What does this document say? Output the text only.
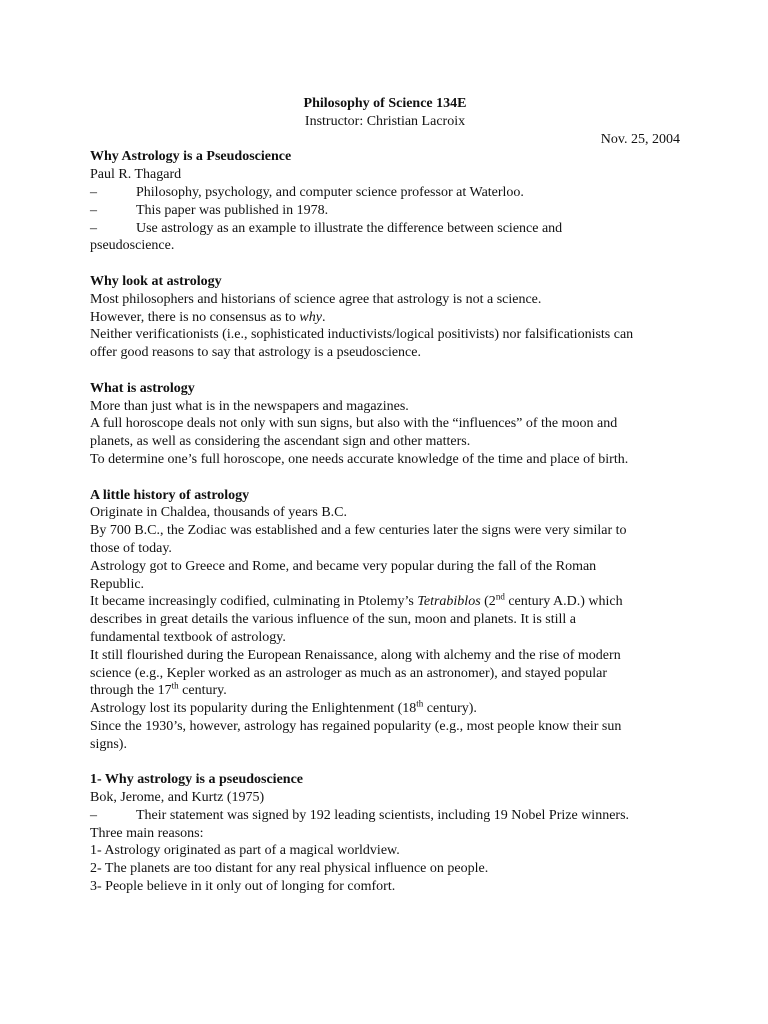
Philosophy of Science 134E

Instructor: Christian Lacroix

Nov. 25, 2004

Why Astrology is a Pseudoscience

Paul R. Thagard

–	Philosophy, psychology, and computer science professor at Waterloo.
–	This paper was published in 1978.
–	Use astrology as an example to illustrate the difference between science and

pseudoscience.

Why look at astrology

Most philosophers and historians of science agree that astrology is not a science.

However, there is no consensus as to why.

Neither verificationists (i.e., sophisticated inductivists/logical positivists) nor falsificationists can

offer good reasons to say that astrology is a pseudoscience.

What is astrology

More than just what is in the newspapers and magazines.

A full horoscope deals not only with sun signs, but also with the “influences” of the moon and

planets, as well as considering the ascendant sign and other matters.

To determine one’s full horoscope, one needs accurate knowledge of the time and place of birth.

A little history of astrology

Originate in Chaldea, thousands of years B.C.

By 700 B.C., the Zodiac was established and a few centuries later the signs were very similar to

those of today.

Astrology got to Greece and Rome, and became very popular during the fall of the Roman

Republic.

It became increasingly codified, culminating in Ptolemy’s Tetrabiblos (2nd century A.D.) which

describes in great details the various influence of the sun, moon and planets. It is still a

fundamental textbook of astrology.

It still flourished during the European Renaissance, along with alchemy and the rise of modern

science (e.g., Kepler worked as an astrologer as much as an astronomer), and stayed popular

through the 17th century.

Astrology lost its popularity during the Enlightenment (18th century).

Since the 1930’s, however, astrology has regained popularity (e.g., most people know their sun

signs).

1- Why astrology is a pseudoscience

Bok, Jerome, and Kurtz (1975)

–	Their statement was signed by 192 leading scientists, including 19 Nobel Prize winners.

Three main reasons:

1- Astrology originated as part of a magical worldview.

2- The planets are too distant for any real physical influence on people.

3- People believe in it only out of longing for comfort.
